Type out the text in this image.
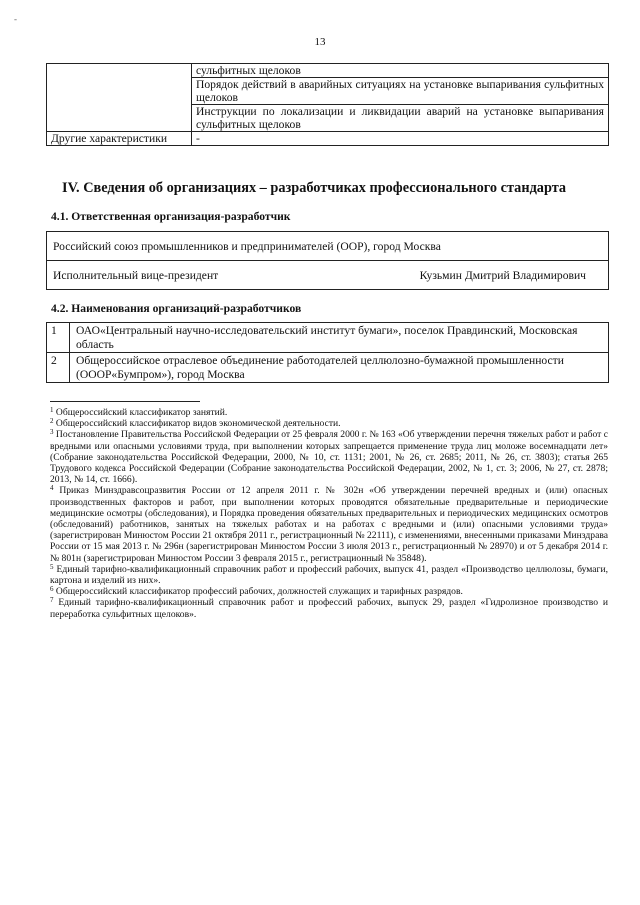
-
13
	сульфитных щелоков
	Порядок действий в аварийных ситуациях на установке выпаривания сульфитных щелоков
	Инструкции по локализации и ликвидации аварий на установке выпаривания сульфитных щелоков
Другие характеристики	-
IV. Сведения об организациях – разработчиках профессионального стандарта
4.1. Ответственная организация-разработчик
Российский союз промышленников и предпринимателей (ООР), город Москва
Исполнительный вице-президент	Кузьмин Дмитрий Владимирович
4.2. Наименования организаций-разработчиков
1	ОАО«Центральный научно-исследовательский институт бумаги», поселок Правдинский, Московская область
2	Общероссийское отраслевое объединение работодателей целлюлозно-бумажной промышленности (ОООР«Бумпром»), город Москва

$^1$ Общероссийский классификатор занятий.

$^2$ Общероссийский классификатор видов экономической деятельности.

$^3$ Постановление Правительства Российской Федерации от 25 февраля 2000 г. № 163 «Об утверждении перечня тяжелых работ и работ с вредными или опасными условиями труда, при выполнении которых запрещается применение труда лиц моложе восемнадцати лет» (Собрание законодательства Российской Федерации, 2000, № 10, ст. 1131; 2001, № 26, ст. 2685; 2011, № 26, ст. 3803); статья 265 Трудового кодекса Российской Федерации (Собрание законодательства Российской Федерации, 2002, № 1, ст. 3; 2006, № 27, ст. 2878; 2013, № 14, ст. 1666).

$^4$ Приказ Минздравсоцразвития России от 12 апреля 2011 г. № 302н «Об утверждении перечней вредных и (или) опасных производственных факторов и работ, при выполнении которых проводятся обязательные предварительные и периодические медицинские осмотры (обследования), и Порядка проведения обязательных предварительных и периодических медицинских осмотров (обследований) работников, занятых на тяжелых работах и на работах с вредными и (или) опасными условиями труда» (зарегистрирован Минюстом России 21 октября 2011 г., регистрационный № 22111), с изменениями, внесенными приказами Минздрава России от 15 мая 2013 г. № 296н (зарегистрирован Минюстом России 3 июля 2013 г., регистрационный № 28970) и от 5 декабря 2014 г. № 801н (зарегистрирован Минюстом России 3 февраля 2015 г., регистрационный № 35848).

$^5$ Единый тарифно-квалификационный справочник работ и профессий рабочих, выпуск 41, раздел «Производство целлюлозы, бумаги, картона и изделий из них».

$^6$ Общероссийский классификатор профессий рабочих, должностей служащих и тарифных разрядов.

$^7$ Единый тарифно-квалификационный справочник работ и профессий рабочих, выпуск 29, раздел «Гидролизное производство и переработка сульфитных щелоков».
